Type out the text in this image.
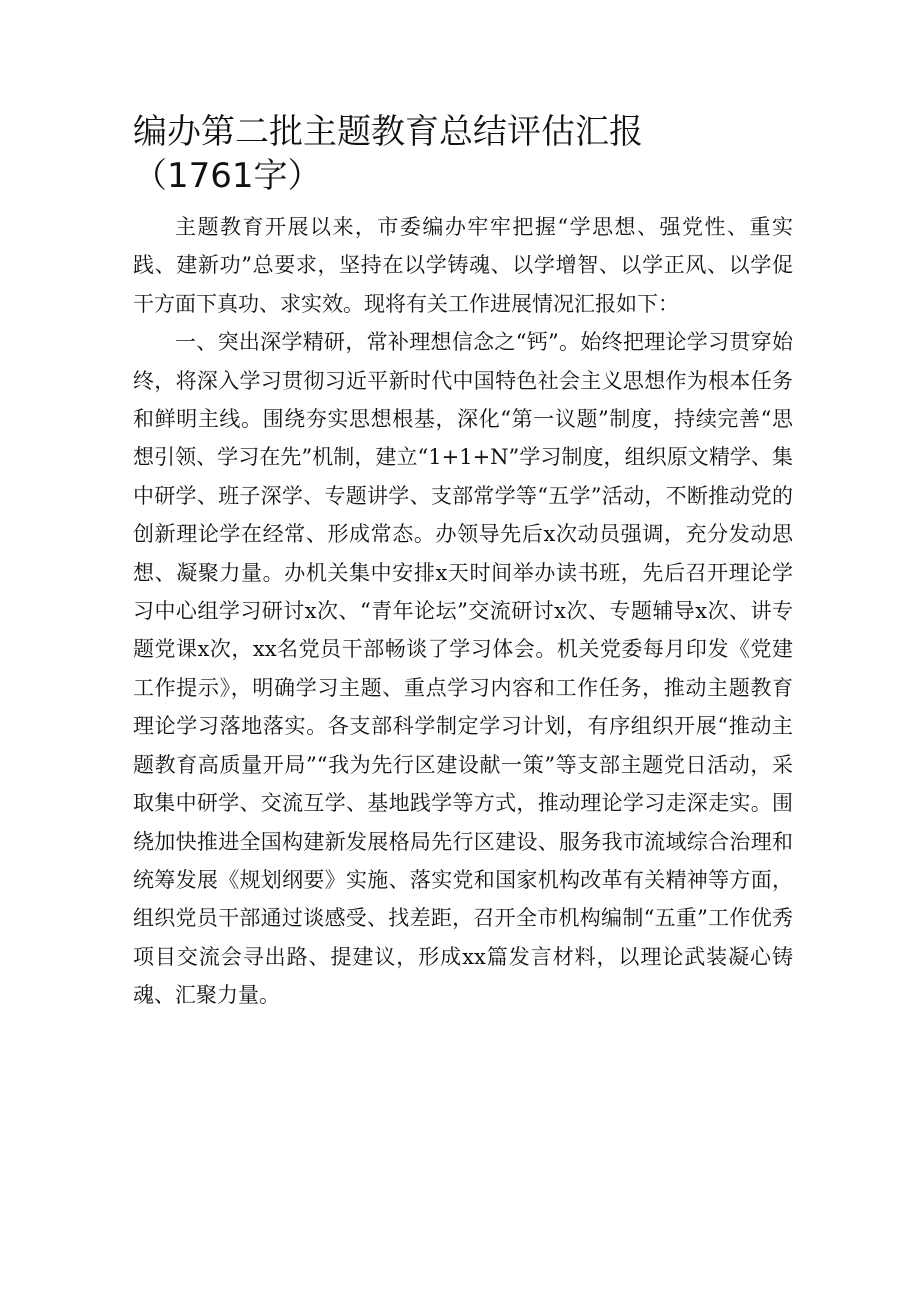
编办第二批主题教育总结评估汇报（1761字）

主题教育开展以来，市委编办牢牢把握“学思想、强党性、重实践、建新功”总要求，坚持在以学铸魂、以学增智、以学正风、以学促干方面下真功、求实效。现将有关工作进展情况汇报如下：

一、突出深学精研，常补理想信念之“钙”。始终把理论学习贯穿始终，将深入学习贯彻习近平新时代中国特色社会主义思想作为根本任务和鲜明主线。围绕夯实思想根基，深化“第一议题”制度，持续完善“思想引领、学习在先”机制，建立“1+1+N”学习制度，组织原文精学、集中研学、班子深学、专题讲学、支部常学等“五学”活动，不断推动党的创新理论学在经常、形成常态。办领导先后x次动员强调，充分发动思想、凝聚力量。办机关集中安排x天时间举办读书班，先后召开理论学习中心组学习研讨x次、“青年论坛”交流研讨x次、专题辅导x次、讲专题党课x次，xx名党员干部畅谈了学习体会。机关党委每月印发《党建工作提示》，明确学习主题、重点学习内容和工作任务，推动主题教育理论学习落地落实。各支部科学制定学习计划，有序组织开展“推动主题教育高质量开局”“我为先行区建设献一策”等支部主题党日活动，采取集中研学、交流互学、基地践学等方式，推动理论学习走深走实。围绕加快推进全国构建新发展格局先行区建设、服务我市流域综合治理和统筹发展《规划纲要》实施、落实党和国家机构改革有关精神等方面，组织党员干部通过谈感受、找差距，召开全市机构编制“五重”工作优秀项目交流会寻出路、提建议，形成xx篇发言材料，以理论武装凝心铸魂、汇聚力量。
